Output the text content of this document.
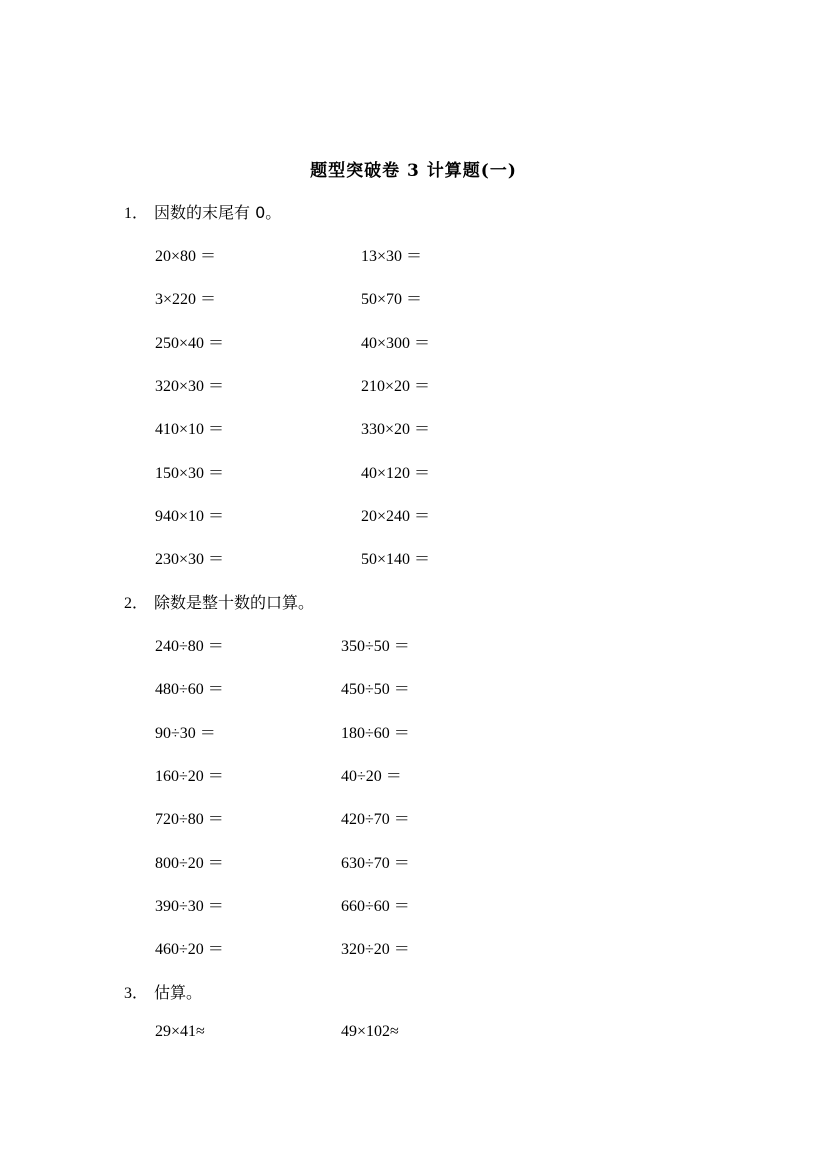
题型突破卷 3 计算题(一)
1． 因数的末尾有 0。
20×80 ＝	13×30 ＝
3×220 ＝	50×70 ＝
250×40 ＝	40×300 ＝
320×30 ＝	210×20 ＝
410×10 ＝	330×20 ＝
150×30 ＝	40×120 ＝
940×10 ＝	20×240 ＝
230×30 ＝	50×140 ＝
2． 除数是整十数的口算。
240÷80 ＝	350÷50 ＝
480÷60 ＝	450÷50 ＝
90÷30 ＝	180÷60 ＝
160÷20 ＝	40÷20 ＝
720÷80 ＝	420÷70 ＝
800÷20 ＝	630÷70 ＝
390÷30 ＝	660÷60 ＝
460÷20 ＝	320÷20 ＝
3． 估算。
29×41≈	49×102≈
